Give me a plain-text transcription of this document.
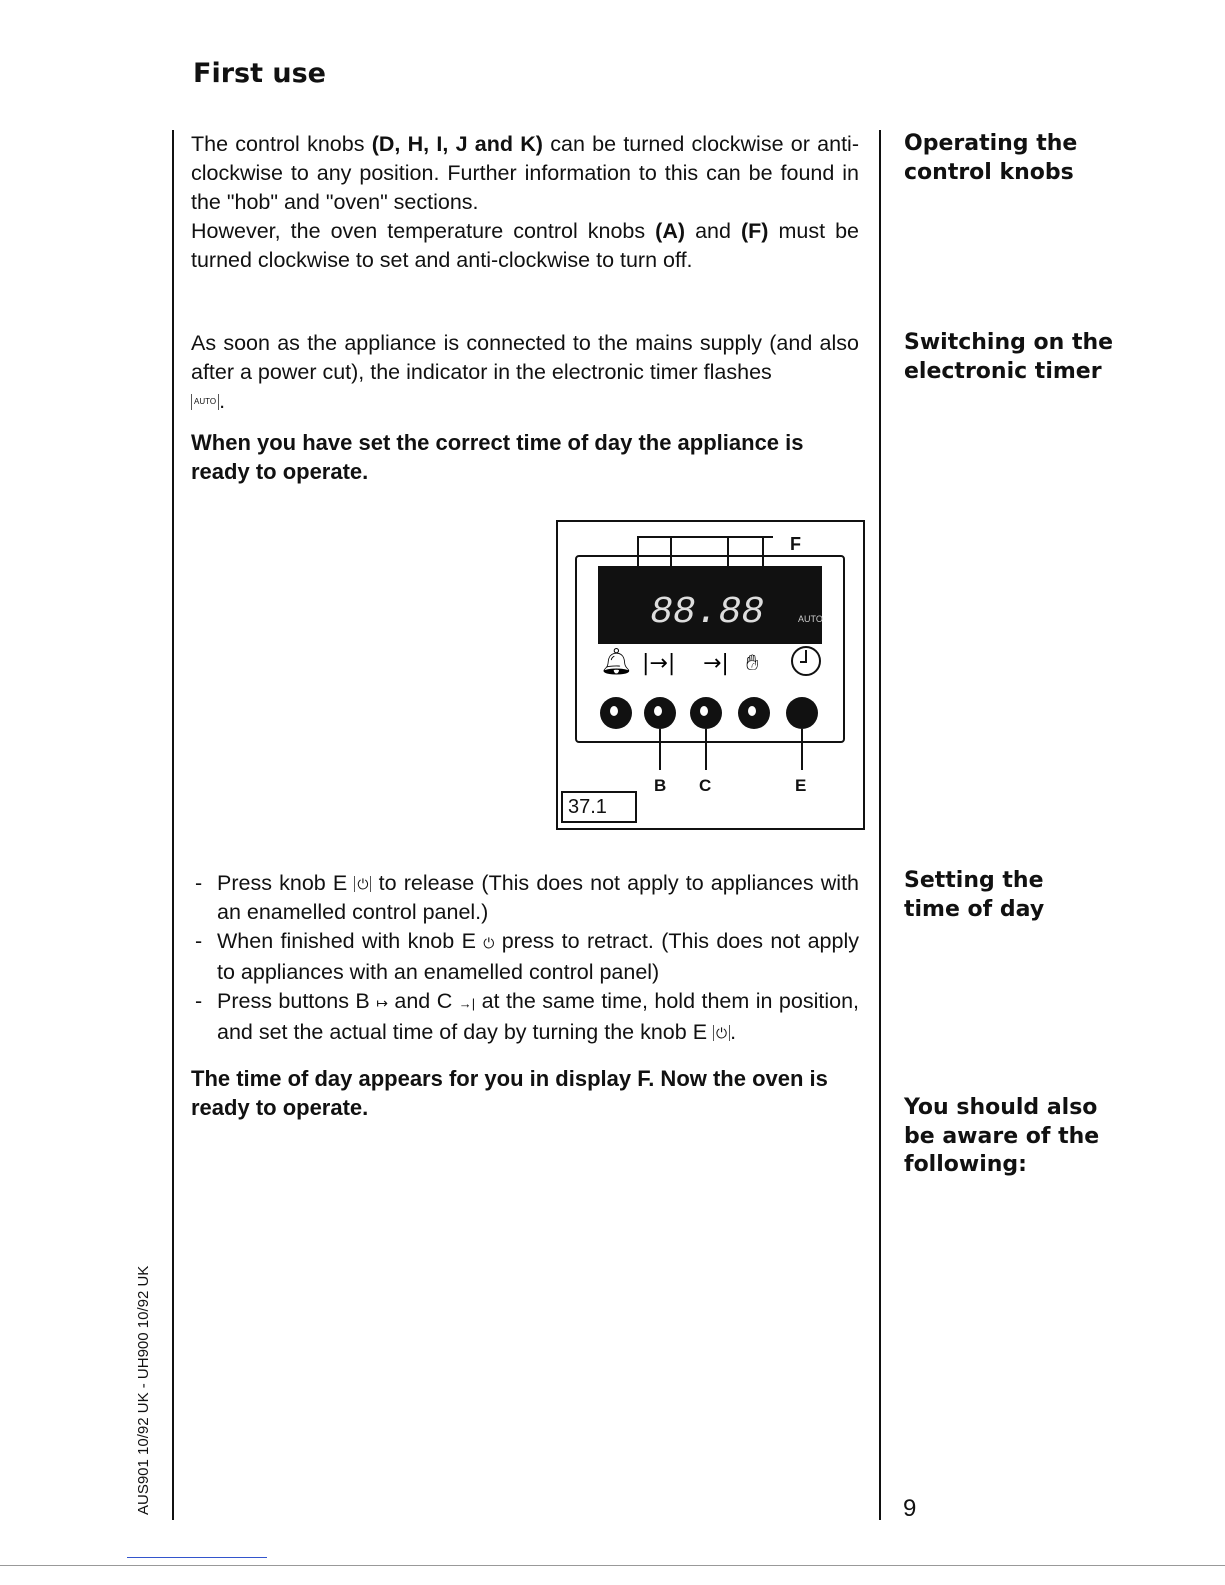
First use
The control knobs (D, H, I, J and K) can be turned clockwise or anti-clockwise to any position. Further information to this can be found in the "hob" and "oven" sections.
However, the oven temperature control knobs (A) and (F) must be turned clockwise to set and anti-clockwise to turn off.
As soon as the appliance is connected to the mains supply (and also after a power cut), the indicator in the electronic timer flashes
AUTO .
When you have set the correct time of day the appliance is ready to operate.
88.88	AUTO
🔔︎ |→| →| ✋︎
F
B C	E
37.1
- Press knob E ⏻ to release (This does not apply to appliances with an enamelled control panel.)
- When finished with knob E ⏻ press to retract. (This does not apply to appliances with an enamelled control panel)
- Press buttons B ↦ and C →| at the same time, hold them in position, and set the actual time of day by turning the knob E ⏻ .
The time of day appears for you in display F. Now the oven is ready to operate.
Operating the control knobs
Switching on the electronic timer
Setting the time of day
You should also be aware of the following:
AUS901 10/92 UK - UH900 10/92 UK	9
